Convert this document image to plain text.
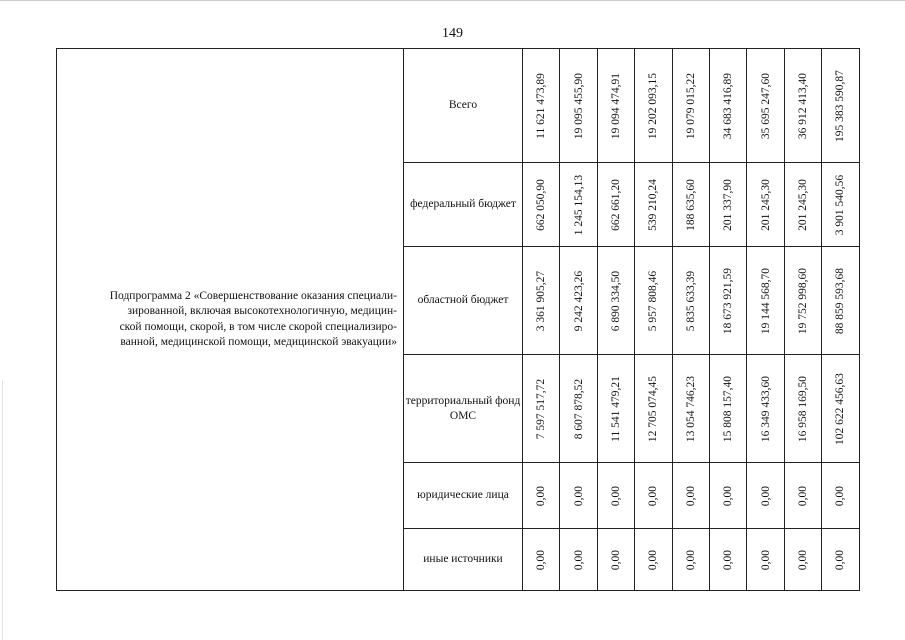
149
Подпрограмма 2 «Совершенствование оказания специали-
зированной, включая высокотехнологичную, медицин-
ской помощи, скорой, в том числе скорой специализиро-
ванной, медицинской помощи, медицинской эвакуации»	Всего	11 621 473,89	19 095 455,90	19 094 474,91	19 202 093,15	19 079 015,22	34 683 416,89	35 695 247,60	36 912 413,40	195 383 590,87

	федеральный бюджет	662 050,90	1 245 154,13	662 661,20	539 210,24	188 635,60	201 337,90	201 245,30	201 245,30	3 901 540,56

	областной бюджет	3 361 905,27	9 242 423,26	6 890 334,50	5 957 808,46	5 835 633,39	18 673 921,59	19 144 568,70	19 752 998,60	88 859 593,68

	территориальный фонд ОМС	7 597 517,72	8 607 878,52	11 541 479,21	12 705 074,45	13 054 746,23	15 808 157,40	16 349 433,60	16 958 169,50	102 622 456,63

	юридические лица	0,00	0,00	0,00	0,00	0,00	0,00	0,00	0,00	0,00

	иные источники	0,00	0,00	0,00	0,00	0,00	0,00	0,00	0,00	0,00
